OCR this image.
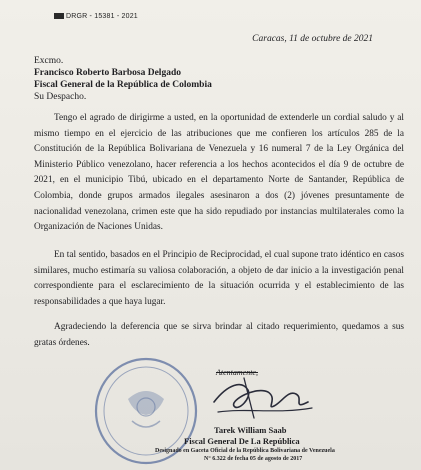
DRGR - 15381 - 2021
Caracas, 11 de octubre de 2021
Excmo.
Francisco Roberto Barbosa Delgado
Fiscal General de la República de Colombia
Su Despacho.

Tengo el agrado de dirigirme a usted, en la oportunidad de extenderle un cordial saludo y al mismo tiempo en el ejercicio de las atribuciones que me confieren los artículos 285 de la Constitución de la República Bolivariana de Venezuela y 16 numeral 7 de la Ley Orgánica del Ministerio Público venezolano, hacer referencia a los hechos acontecidos el día 9 de octubre de 2021, en el municipio Tibú, ubicado en el departamento Norte de Santander, República de Colombia, donde grupos armados ilegales asesinaron a dos (2) jóvenes presuntamente de nacionalidad venezolana, crimen este que ha sido repudiado por instancias multilaterales como la Organización de Naciones Unidas.

En tal sentido, basados en el Principio de Reciprocidad, el cual supone trato idéntico en casos similares, mucho estimaría su valiosa colaboración, a objeto de dar inicio a la investigación penal correspondiente para el esclarecimiento de la situación ocurrida y el establecimiento de las responsabilidades a que haya lugar.

Agradeciendo la deferencia que se sirva brindar al citado requerimiento, quedamos a sus gratas órdenes.

Atentamente,
Tarek William Saab
Fiscal General De La República
Designado en Gaceta Oficial de la República Bolivariana de Venezuela
N° 6.322 de fecha 05 de agosto de 2017
